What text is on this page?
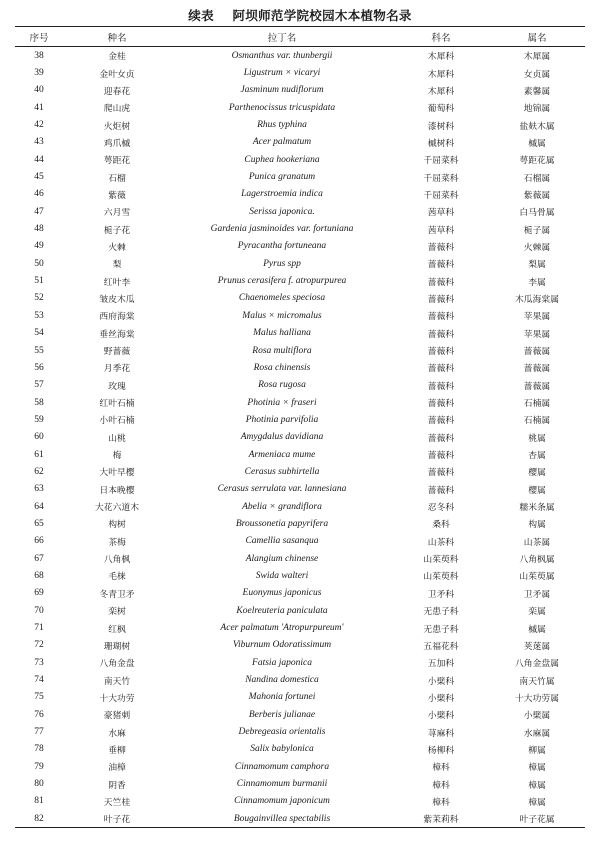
续表    阿坝师范学院校园木本植物名录
序号	种名	拉丁名	科名	属名
38	金桂	Osmanthus var. thunbergii	木犀科	木犀属
39	金叶女贞	Ligustrum × vicaryi	木犀科	女贞属
40	迎春花	Jasminum nudiflorum	木犀科	素馨属
41	爬山虎	Parthenocissus tricuspidata	葡萄科	地锦属
42	火炬树	Rhus typhina	漆树科	盐麸木属
43	鸡爪槭	Acer palmatum	槭树科	槭属
44	萼距花	Cuphea hookeriana	千屈菜科	萼距花属
45	石榴	Punica granatum	千屈菜科	石榴属
46	紫薇	Lagerstroemia indica	千屈菜科	紫薇属
47	六月雪	Serissa japonica.	茜草科	白马骨属
48	栀子花	Gardenia jasminoides var. fortuniana	茜草科	栀子属
49	火棘	Pyracantha fortuneana	蔷薇科	火棘属
50	梨	Pyrus spp	蔷薇科	梨属
51	红叶李	Prunus cerasifera f. atropurpurea	蔷薇科	李属
52	皱皮木瓜	Chaenomeles speciosa	蔷薇科	木瓜海棠属
53	西府海棠	Malus × micromalus	蔷薇科	苹果属
54	垂丝海棠	Malus halliana	蔷薇科	苹果属
55	野蔷薇	Rosa multiflora	蔷薇科	蔷薇属
56	月季花	Rosa chinensis	蔷薇科	蔷薇属
57	玫瑰	Rosa rugosa	蔷薇科	蔷薇属
58	红叶石楠	Photinia × fraseri	蔷薇科	石楠属
59	小叶石楠	Photinia parvifolia	蔷薇科	石楠属
60	山桃	Amygdalus davidiana	蔷薇科	桃属
61	梅	Armeniaca mume	蔷薇科	杏属
62	大叶早樱	Cerasus subhirtella	蔷薇科	樱属
63	日本晚樱	Cerasus serrulata var. lannesiana	蔷薇科	樱属
64	大花六道木	Abelia × grandiflora	忍冬科	糯米条属
65	构树	Broussonetia papyrifera	桑科	构属
66	茶梅	Camellia sasanqua	山茶科	山茶属
67	八角枫	Alangium chinense	山茱萸科	八角枫属
68	毛梾	Swida walteri	山茱萸科	山茱萸属
69	冬青卫矛	Euonymus japonicus	卫矛科	卫矛属
70	栾树	Koelreuteria paniculata	无患子科	栾属
71	红枫	Acer palmatum 'Atropurpureum'	无患子科	槭属
72	珊瑚树	Viburnum Odoratissimum	五福花科	荚蒾属
73	八角金盘	Fatsia japonica	五加科	八角金盘属
74	南天竹	Nandina domestica	小檗科	南天竹属
75	十大功劳	Mahonia fortunei	小檗科	十大功劳属
76	豪猪刺	Berberis julianae	小檗科	小檗属
77	水麻	Debregeasia orientalis	荨麻科	水麻属
78	垂柳	Salix babylonica	杨柳科	柳属
79	油樟	Cinnamomum camphora	樟科	樟属
80	阴香	Cinnamomum burmanii	樟科	樟属
81	天竺桂	Cinnamomum japonicum	樟科	樟属
82	叶子花	Bougainvillea spectabilis	紫茉莉科	叶子花属
